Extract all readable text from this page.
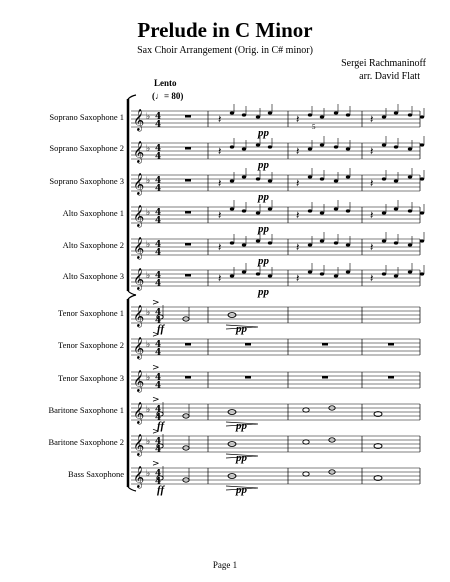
Prelude in C Minor
Sax Choir Arrangement (Orig. in C# minor)
Sergei Rachmaninoff
arr. David Flatt
Lento
(♩= 80)
Soprano Saxophone 1
Soprano Saxophone 2
Soprano Saxophone 3
Alto Saxophone 1
Alto Saxophone 2
Alto Saxophone 3
Tenor Saxophone 1
Tenor Saxophone 2
Tenor Saxophone 3
Baritone Saxophone 1
Baritone Saxophone 2
Bass Saxophone
𝄞 ♭ 4
4	𝄽	𝄽	𝄽
𝄞 ♭ 4
4	𝄽	𝄽	𝄽
𝄞 ♭ 4
4	𝄽	𝄽	𝄽
𝄞 ♭ 4
4	𝄽	𝄽	𝄽
𝄞 ♭ 4
4	𝄽	𝄽	𝄽
𝄞 ♭ 4
4	𝄽	𝄽	𝄽
𝄞 ♭ 4
4
>
𝄞 ♭ 4
4
>
𝄞 ♭ 4
4
>
𝄞 ♭ 4
4
>
𝄞 ♭ 4
4
>
𝄞 ♭ 4
4
>
pp
pp
pp
pp
pp
pp
ff	pp
ff	pp
ff	pp
pp
5
Page 1
